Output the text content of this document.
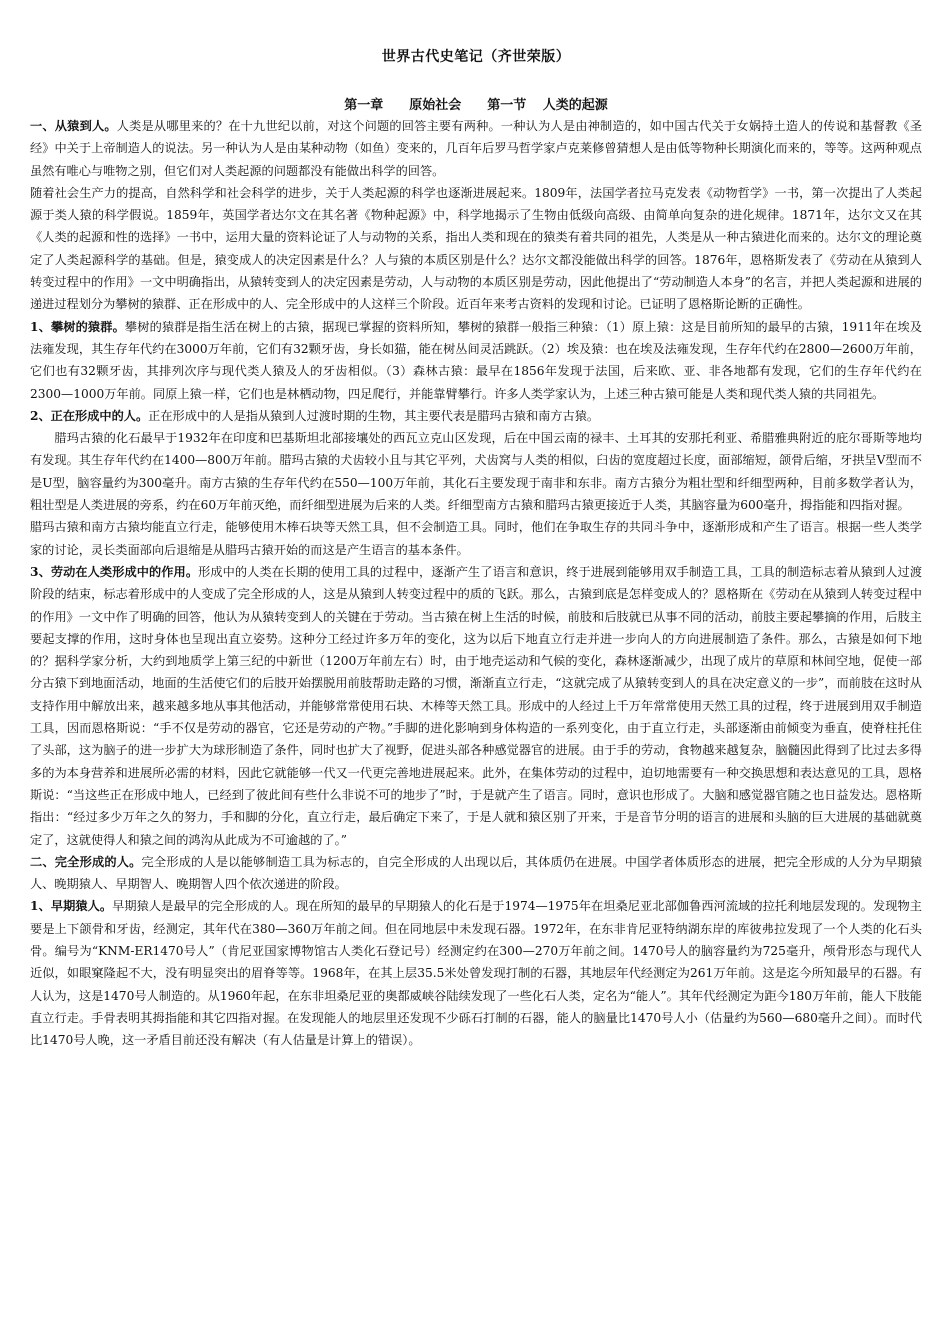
世界古代史笔记（齐世荣版）
第一章　　原始社会　　第一节 人类的起源

一、从猿到人。人类是从哪里来的？在十九世纪以前，对这个问题的回答主要有两种。一种认为人是由神制造的，如中国古代关于女娲持土造人的传说和基督教《圣经》中关于上帝制造人的说法。另一种认为人是由某种动物（如鱼）变来的，几百年后罗马哲学家卢克莱修曾猜想人是由低等物种长期演化而来的，等等。这两种观点虽然有唯心与唯物之别，但它们对人类起源的问题都没有能做出科学的回答。

随着社会生产力的提高，自然科学和社会科学的进步，关于人类起源的科学也逐渐进展起来。1809年，法国学者拉马克发表《动物哲学》一书，第一次提出了人类起源于类人猿的科学假说。1859年，英国学者达尔文在其名著《物种起源》中，科学地揭示了生物由低级向高级、由简单向复杂的进化规律。1871年，达尔文又在其《人类的起源和性的选择》一书中，运用大量的资料论证了人与动物的关系，指出人类和现在的猿类有着共同的祖先，人类是从一种古猿进化而来的。达尔文的理论奠定了人类起源科学的基础。但是，猿变成人的决定因素是什么？人与猿的本质区别是什么？达尔文都没能做出科学的回答。1876年，恩格斯发表了《劳动在从猿到人转变过程中的作用》一文中明确指出，从猿转变到人的决定因素是劳动，人与动物的本质区别是劳动，因此他提出了“劳动制造人本身”的名言，并把人类起源和进展的递进过程划分为攀树的猿群、正在形成中的人、完全形成中的人这样三个阶段。近百年来考古资料的发现和讨论。已证明了恩格斯论断的正确性。

1、攀树的猿群。攀树的猿群是指生活在树上的古猿，据现已掌握的资料所知，攀树的猿群一般指三种猿：（1）原上猿：这是目前所知的最早的古猿，1911年在埃及法雍发现，其生存年代约在3000万年前，它们有32颗牙齿，身长如猫，能在树丛间灵活跳跃。（2）埃及猿：也在埃及法雍发现，生存年代约在2800—2600万年前，它们也有32颗牙齿，其排列次序与现代类人猿及人的牙齿相似。（3）森林古猿：最早在1856年发现于法国，后来欧、亚、非各地都有发现，它们的生存年代约在2300—1000万年前。同原上猿一样，它们也是林栖动物，四足爬行，并能靠臂攀行。许多人类学家认为，上述三种古猿可能是人类和现代类人猿的共同祖先。

2、正在形成中的人。正在形成中的人是指从猿到人过渡时期的生物，其主要代表是腊玛古猿和南方古猿。

腊玛古猿的化石最早于1932年在印度和巴基斯坦北部接壤处的西瓦立克山区发现，后在中国云南的禄丰、土耳其的安那托利亚、希腊雅典附近的庇尔哥斯等地均有发现。其生存年代约在1400—800万年前。腊玛古猿的犬齿较小且与其它平列，犬齿窝与人类的相似，臼齿的宽度超过长度，面部缩短，颌骨后缩，牙拱呈V型而不是U型，脑容量约为300毫升。南方古猿的生存年代约在550—100万年前，其化石主要发现于南非和东非。南方古猿分为粗壮型和纤细型两种，目前多数学者认为，粗壮型是人类进展的旁系，约在60万年前灭绝，而纤细型进展为后来的人类。纤细型南方古猿和腊玛古猿更接近于人类，其脑容量为600毫升，拇指能和四指对握。

腊玛古猿和南方古猿均能直立行走，能够使用木棒石块等天然工具，但不会制造工具。同时，他们在争取生存的共同斗争中，逐渐形成和产生了语言。根据一些人类学家的讨论，灵长类面部向后退缩是从腊玛古猿开始的而这是产生语言的基本条件。

3、劳动在人类形成中的作用。形成中的人类在长期的使用工具的过程中，逐渐产生了语言和意识，终于进展到能够用双手制造工具，工具的制造标志着从猿到人过渡阶段的结束，标志着形成中的人变成了完全形成的人，这是从猿到人转变过程中的质的飞跃。那么，古猿到底是怎样变成人的？恩格斯在《劳动在从猿到人转变过程中的作用》一文中作了明确的回答，他认为从猿转变到人的关键在于劳动。当古猿在树上生活的时候，前肢和后肢就已从事不同的活动，前肢主要起攀摘的作用，后肢主要起支撑的作用，这时身体也呈现出直立姿势。这种分工经过许多万年的变化，这为以后下地直立行走并进一步向人的方向进展制造了条件。那么，古猿是如何下地的？据科学家分析，大约到地质学上第三纪的中新世（1200万年前左右）时，由于地壳运动和气候的变化，森林逐渐减少，出现了成片的草原和林间空地，促使一部分古猿下到地面活动，地面的生活使它们的后肢开始摆脱用前肢帮助走路的习惯，渐渐直立行走，“这就完成了从猿转变到人的具在决定意义的一步”，而前肢在这时从支持作用中解放出来，越来越多地从事其他活动，并能够常常使用石块、木棒等天然工具。形成中的人经过上千万年常常使用天然工具的过程，终于进展到用双手制造工具，因而恩格斯说：“手不仅是劳动的器官，它还是劳动的产物。”手脚的进化影响到身体构造的一系列变化，由于直立行走，头部逐渐由前倾变为垂直，使脊柱托住了头部，这为脑子的进一步扩大为球形制造了条件，同时也扩大了视野，促进头部各种感觉器官的进展。由于手的劳动，食物越来越复杂，脑髓因此得到了比过去多得多的为本身营养和进展所必需的材料，因此它就能够一代又一代更完善地进展起来。此外，在集体劳动的过程中，迫切地需要有一种交换思想和表达意见的工具，恩格斯说：“当这些正在形成中地人，已经到了彼此间有些什么非说不可的地步了”时，于是就产生了语言。同时，意识也形成了。大脑和感觉器官随之也日益发达。恩格斯指出：“经过多少万年之久的努力，手和脚的分化，直立行走，最后确定下来了，于是人就和猿区别了开来，于是音节分明的语言的进展和头脑的巨大进展的基础就奠定了，这就使得人和猿之间的鸿沟从此成为不可逾越的了。”

二、完全形成的人。完全形成的人是以能够制造工具为标志的，自完全形成的人出现以后，其体质仍在进展。中国学者体质形态的进展，把完全形成的人分为早期猿人、晚期猿人、早期智人、晚期智人四个依次递进的阶段。

1、早期猿人。早期猿人是最早的完全形成的人。现在所知的最早的早期猿人的化石是于1974—1975年在坦桑尼亚北部伽鲁西河流域的拉托利地层发现的。发现物主要是上下颌骨和牙齿，经测定，其年代在380—360万年前之间。但在同地层中未发现石器。1972年，在东非肯尼亚特纳湖东岸的库彼弗拉发现了一个人类的化石头骨。编号为“KNM-ER1470号人”（肯尼亚国家博物馆古人类化石登记号）经测定约在300—270万年前之间。1470号人的脑容量约为725毫升，颅骨形态与现代人近似，如眼窠隆起不大，没有明显突出的眉脊等等。1968年，在其上层35.5米处曾发现打制的石器，其地层年代经测定为261万年前。这是迄今所知最早的石器。有人认为，这是1470号人制造的。从1960年起，在东非坦桑尼亚的奥都威峡谷陆续发现了一些化石人类，定名为“能人”。其年代经测定为距今180万年前，能人下肢能直立行走。手骨表明其拇指能和其它四指对握。在发现能人的地层里还发现不少砾石打制的石器，能人的脑量比1470号人小（估量约为560—680毫升之间）。而时代比1470号人晚，这一矛盾目前还没有解决（有人估量是计算上的错误）。
